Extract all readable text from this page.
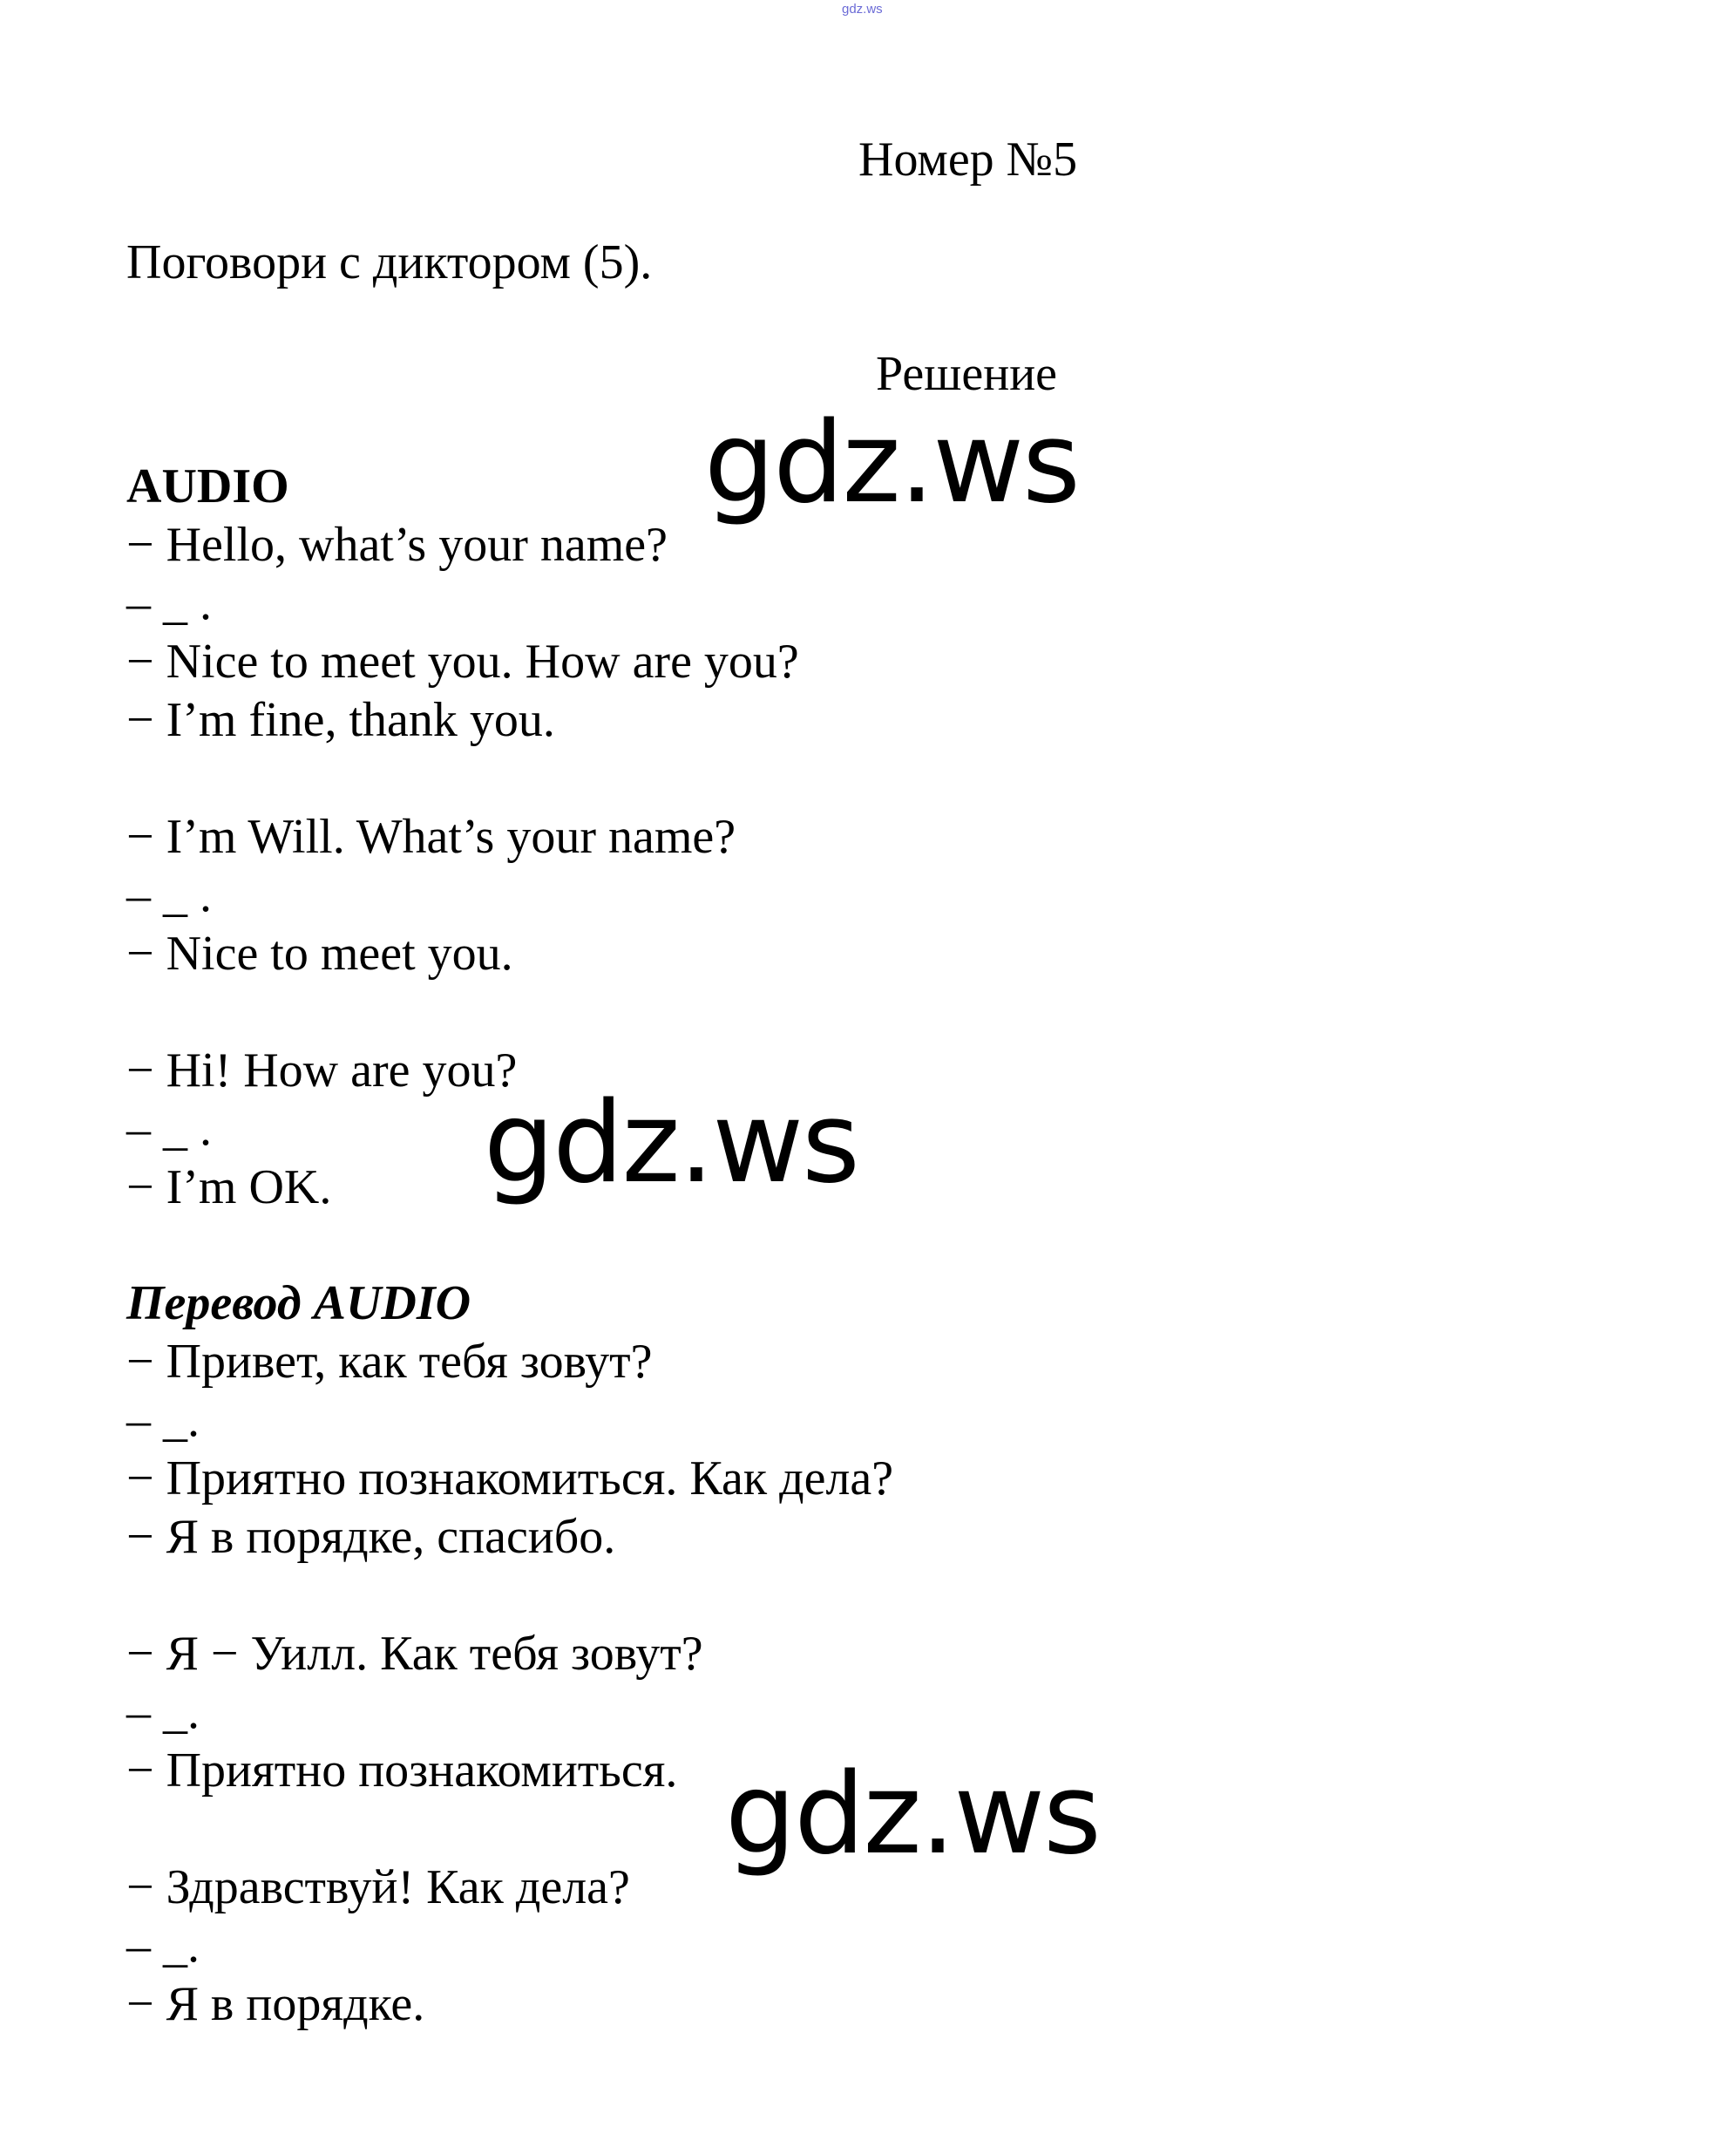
gdz.ws

Номер №5

Поговори с диктором (5).

Решение

AUDIO
− Hello, what’s your name?
– _ .
− Nice to meet you. How are you?
− I’m fine, thank you.
− I’m Will. What’s your name?
– _ .
− Nice to meet you.
− Hi! How are you?
– _ .
− I’m OK.
Перевод AUDIO
− Привет, как тебя зовут?
– _.
− Приятно познакомиться. Как дела?
− Я в порядке, спасибо.
− Я − Уилл. Как тебя зовут?
– _.
− Приятно познакомиться.
− Здравствуй! Как дела?
– _.
− Я в порядке.
gdz.ws
gdz.ws
gdz.ws
